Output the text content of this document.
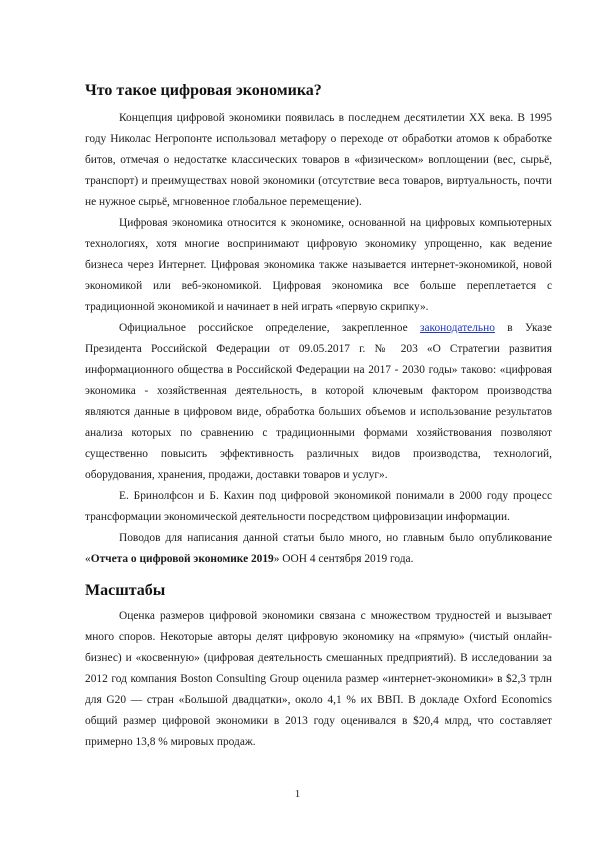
Что такое цифровая экономика?

Концепция цифровой экономики появилась в последнем десятилетии XX века. В 1995 году Николас Негропонте использовал метафору о переходе от обработки атомов к обработке битов, отмечая о недостатке классических товаров в «физическом» воплощении (вес, сырьё, транспорт) и преимуществах новой экономики (отсутствие веса товаров, виртуальность, почти не нужное сырьё, мгновенное глобальное перемещение).

Цифровая экономика относится к экономике, основанной на цифровых компьютерных технологиях, хотя многие воспринимают цифровую экономику упрощенно, как ведение бизнеса через Интернет. Цифровая экономика также называется интернет-экономикой, новой экономикой или веб-экономикой. Цифровая экономика все больше переплетается с традиционной экономикой и начинает в ней играть «первую скрипку».

Официальное российское определение, закрепленное законодательно в Указе Президента Российской Федерации от 09.05.2017 г. № 203 «О Стратегии развития информационного общества в Российской Федерации на 2017 - 2030 годы» таково: «цифровая экономика - хозяйственная деятельность, в которой ключевым фактором производства являются данные в цифровом виде, обработка больших объемов и использование результатов анализа которых по сравнению с традиционными формами хозяйствования позволяют существенно повысить эффективность различных видов производства, технологий, оборудования, хранения, продажи, доставки товаров и услуг».

Е. Бринолфсон и Б. Кахин под цифровой экономикой понимали в 2000 году процесс трансформации экономической деятельности посредством цифровизации информации.

Поводов для написания данной статьи было много, но главным было опубликование «Отчета о цифровой экономике 2019» ООН 4 сентября 2019 года.

Масштабы

Оценка размеров цифровой экономики связана с множеством трудностей и вызывает много споров. Некоторые авторы делят цифровую экономику на «прямую» (чистый онлайн-бизнес) и «косвенную» (цифровая деятельность смешанных предприятий). В исследовании за 2012 год компания Boston Consulting Group оценила размер «интернет-экономики» в $2,3 трлн для G20 — стран «Большой двадцатки», около 4,1 % их ВВП. В докладе Oxford Economics общий размер цифровой экономики в 2013 году оценивался в $20,4 млрд, что составляет примерно 13,8 % мировых продаж.

1
